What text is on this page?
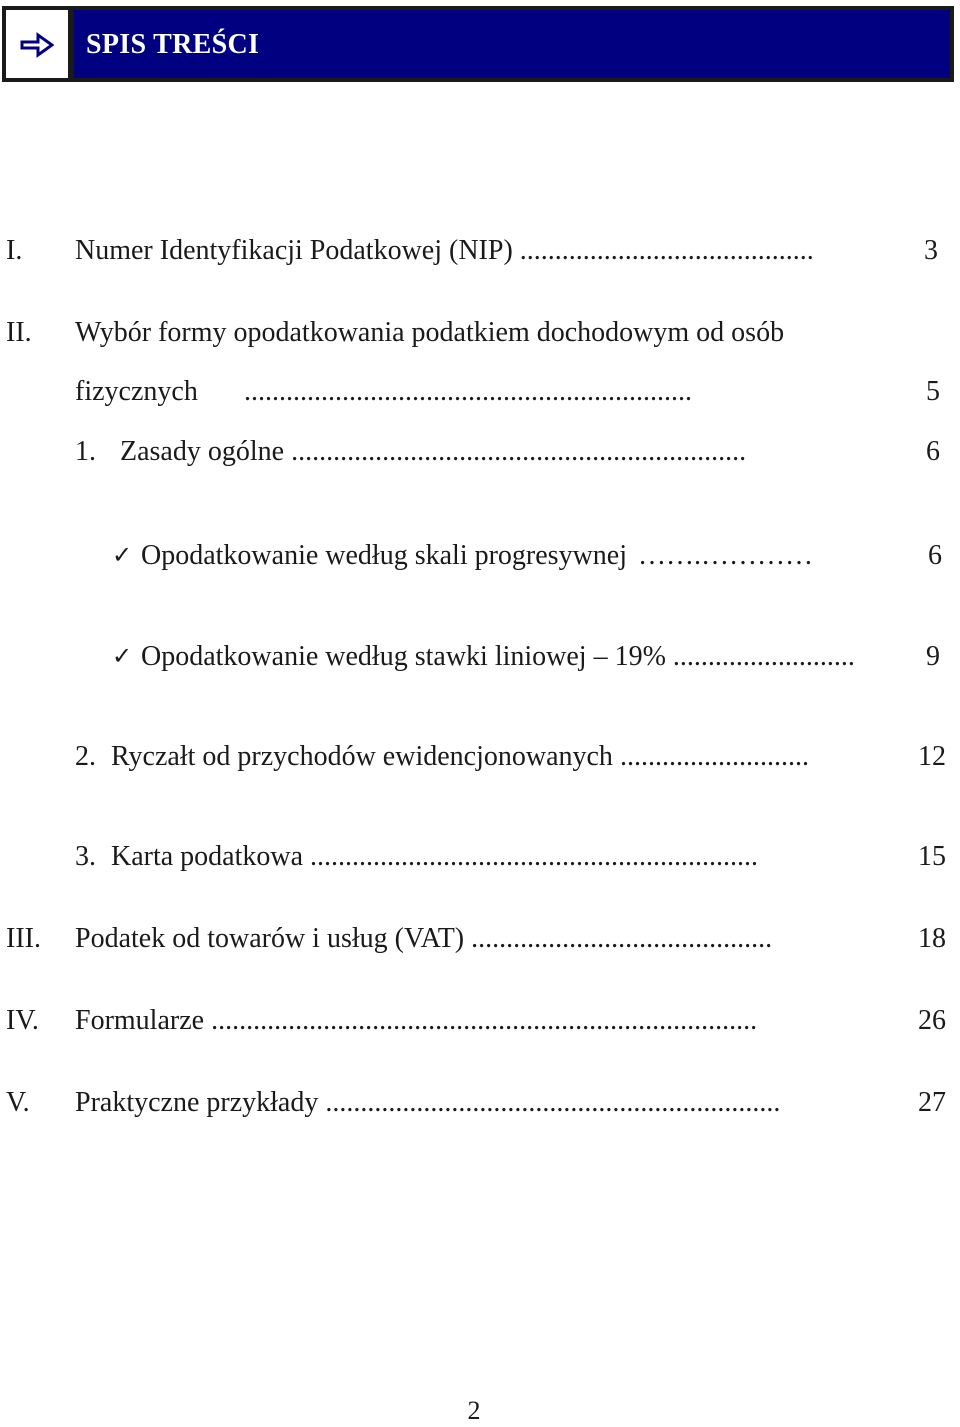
SPIS TREŚCI
I. Numer Identyfikacji Podatkowej (NIP) ..........................................	3
II. Wybór formy opodatkowania podatkiem dochodowym od osób
fizycznych ................................................................	5
1. Zasady ogólne .................................................................	6
✓ Opodatkowanie według skali progresywnej …….…………	6
✓ Opodatkowanie według stawki liniowej – 19% ..........................	9
2. Ryczałt od przychodów ewidencjonowanych ...........................	12
3. Karta podatkowa ................................................................	15
III. Podatek od towarów i usług (VAT) ...........................................	18
IV. Formularze ..............................................................................	26
V. Praktyczne przykłady .................................................................	27
2
